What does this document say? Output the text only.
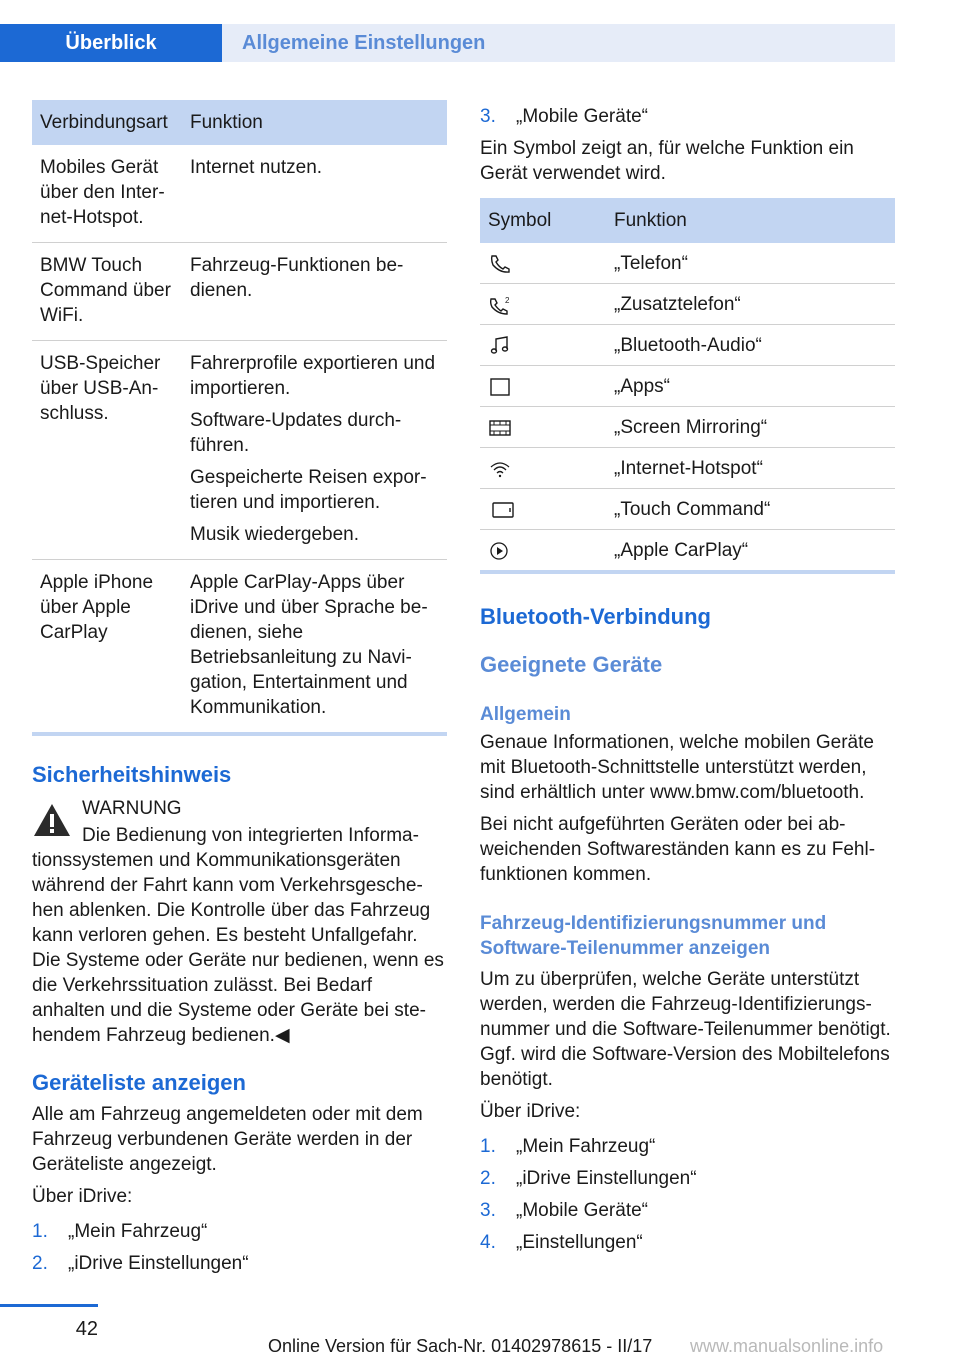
Überblick	Allgemeine Einstellungen
Verbindungsart	Funktion
Mobiles Gerät über den Internet-Hotspot.	Internet nutzen.

BMW Touch Command über WiFi.	Fahrzeug-Funktionen bedienen.

USB-Speicher über USB-Anschluss.	Fahrerprofile exportieren und importieren.

Software-Updates durchführen.

Gespeicherte Reisen exportieren und importieren.

Musik wiedergeben.

Apple iPhone über Apple CarPlay	Apple CarPlay-Apps über iDrive und über Sprache bedienen, siehe Betriebsanleitung zu Navigation, Entertainment und Kommunikation.

Sicherheitshinweis

WARNUNG

Die Bedienung von integrierten Informationssystemen und Kommunikationsgeräten während der Fahrt kann vom Verkehrsgeschehen ablenken. Die Kontrolle über das Fahrzeug kann verloren gehen. Es besteht Unfallgefahr. Die Systeme oder Geräte nur bedienen, wenn es die Verkehrssituation zulässt. Bei Bedarf anhalten und die Systeme oder Geräte bei stehendem Fahrzeug bedienen.◀

Geräteliste anzeigen

Alle am Fahrzeug angemeldeten oder mit dem Fahrzeug verbundenen Geräte werden in der Geräteliste angezeigt.

Über iDrive:

1.	„Mein Fahrzeug“
2.	„iDrive Einstellungen“
3.	„Mobile Geräte“

Ein Symbol zeigt an, für welche Funktion ein Gerät verwendet wird.

Symbol	Funktion
	„Telefon“

2	„Zusatztelefon“
	„Bluetooth-Audio“
	„Apps“
	„Screen Mirroring“
	„Internet-Hotspot“
	„Touch Command“
	„Apple CarPlay“
Bluetooth-Verbindung
Geeignete Geräte
Allgemein

Genaue Informationen, welche mobilen Geräte mit Bluetooth-Schnittstelle unterstützt werden, sind erhältlich unter www.bmw.com/bluetooth.

Bei nicht aufgeführten Geräten oder bei abweichenden Softwareständen kann es zu Fehlfunktionen kommen.

Fahrzeug-Identifizierungsnummer und Software-Teilenummer anzeigen

Um zu überprüfen, welche Geräte unterstützt werden, werden die Fahrzeug-Identifizierungsnummer und die Software-Teilenummer benötigt. Ggf. wird die Software-Version des Mobiltelefons benötigt.

Über iDrive:

1.	„Mein Fahrzeug“
2.	„iDrive Einstellungen“
3.	„Mobile Geräte“
4.	„Einstellungen“
42
Online Version für Sach-Nr. 01402978615 - II/17 www.manualsonline.info
